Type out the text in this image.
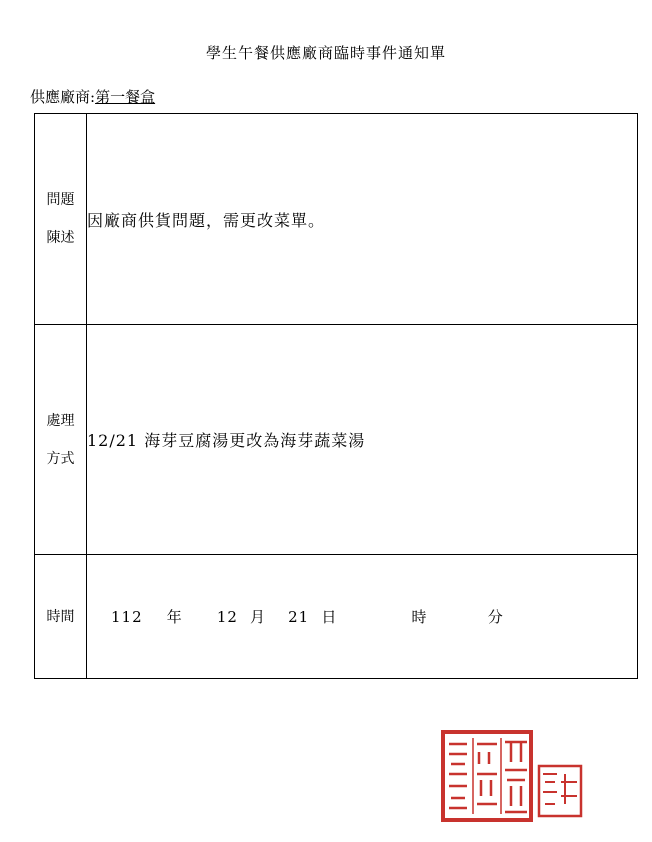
學生午餐供應廠商臨時事件通知單
供應廠商:第一餐盒
問題
陳述	因廠商供貨問題，需更改菜單。

處理
方式	12/21 海芽豆腐湯更改為海芽蔬菜湯
時間	112 年 12 月 21 日 時 分
